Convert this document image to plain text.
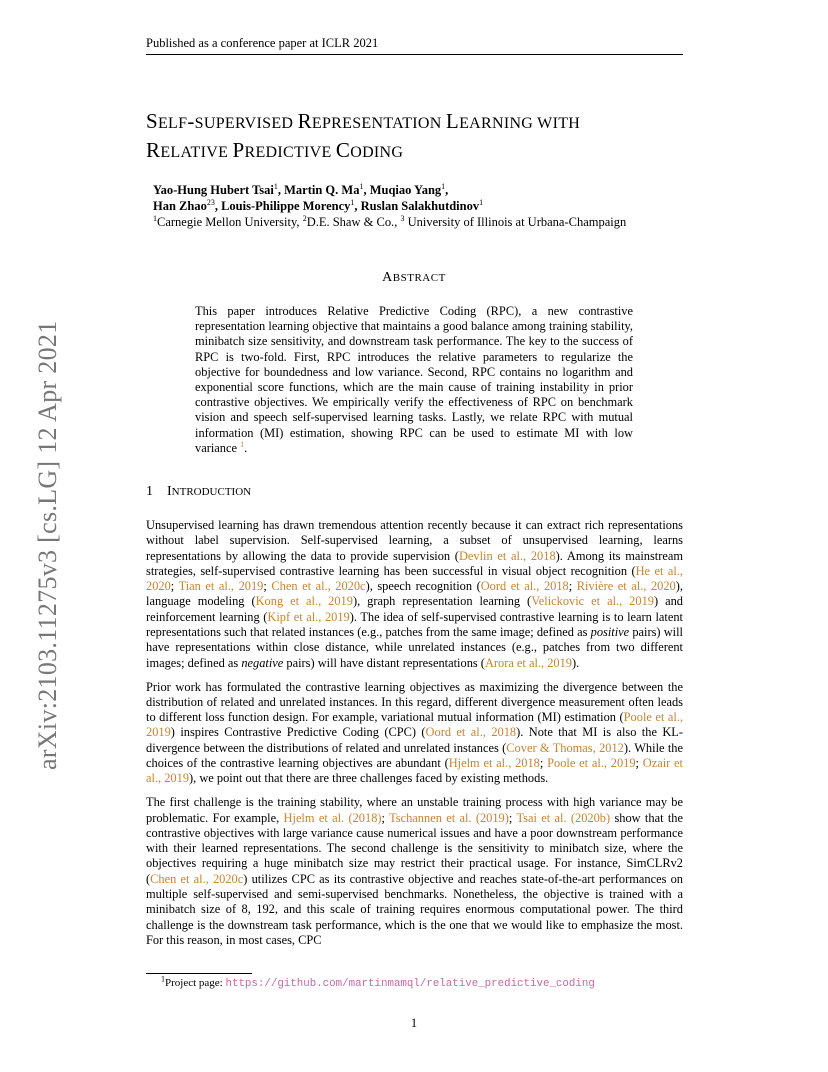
Published as a conference paper at ICLR 2021
arXiv:2103.11275v3 [cs.LG] 12 Apr 2021
SELF-SUPERVISED REPRESENTATION LEARNING WITH
RELATIVE PREDICTIVE CODING
Yao-Hung Hubert Tsai$^1$, Martin Q. Ma$^1$, Muqiao Yang$^1$,
Han Zhao$^{23}$, Louis-Philippe Morency$^1$, Ruslan Salakhutdinov$^1$
$^1$Carnegie Mellon University, $^2$D.E. Shaw & Co., $^3$ University of Illinois at Urbana-Champaign
ABSTRACT
This paper introduces Relative Predictive Coding (RPC), a new contrastive representation learning objective that maintains a good balance among training stability, minibatch size sensitivity, and downstream task performance. The key to the success of RPC is two-fold. First, RPC introduces the relative parameters to regularize the objective for boundedness and low variance. Second, RPC contains no logarithm and exponential score functions, which are the main cause of training instability in prior contrastive objectives. We empirically verify the effectiveness of RPC on benchmark vision and speech self-supervised learning tasks. Lastly, we relate RPC with mutual information (MI) estimation, showing RPC can be used to estimate MI with low variance $^1$.
1 INTRODUCTION

Unsupervised learning has drawn tremendous attention recently because it can extract rich representations without label supervision. Self-supervised learning, a subset of unsupervised learning, learns representations by allowing the data to provide supervision (Devlin et al., 2018). Among its mainstream strategies, self-supervised contrastive learning has been successful in visual object recognition (He et al., 2020; Tian et al., 2019; Chen et al., 2020c), speech recognition (Oord et al., 2018; Rivière et al., 2020), language modeling (Kong et al., 2019), graph representation learning (Velickovic et al., 2019) and reinforcement learning (Kipf et al., 2019). The idea of self-supervised contrastive learning is to learn latent representations such that related instances (e.g., patches from the same image; defined as positive pairs) will have representations within close distance, while unrelated instances (e.g., patches from two different images; defined as negative pairs) will have distant representations (Arora et al., 2019).

Prior work has formulated the contrastive learning objectives as maximizing the divergence between the distribution of related and unrelated instances. In this regard, different divergence measurement often leads to different loss function design. For example, variational mutual information (MI) estimation (Poole et al., 2019) inspires Contrastive Predictive Coding (CPC) (Oord et al., 2018). Note that MI is also the KL-divergence between the distributions of related and unrelated instances (Cover & Thomas, 2012). While the choices of the contrastive learning objectives are abundant (Hjelm et al., 2018; Poole et al., 2019; Ozair et al., 2019), we point out that there are three challenges faced by existing methods.

The first challenge is the training stability, where an unstable training process with high variance may be problematic. For example, Hjelm et al. (2018); Tschannen et al. (2019); Tsai et al. (2020b) show that the contrastive objectives with large variance cause numerical issues and have a poor downstream performance with their learned representations. The second challenge is the sensitivity to minibatch size, where the objectives requiring a huge minibatch size may restrict their practical usage. For instance, SimCLRv2 (Chen et al., 2020c) utilizes CPC as its contrastive objective and reaches state-of-the-art performances on multiple self-supervised and semi-supervised benchmarks. Nonetheless, the objective is trained with a minibatch size of 8, 192, and this scale of training requires enormous computational power. The third challenge is the downstream task performance, which is the one that we would like to emphasize the most. For this reason, in most cases, CPC

$^1$Project page: https://github.com/martinmamql/relative_predictive_coding
1
